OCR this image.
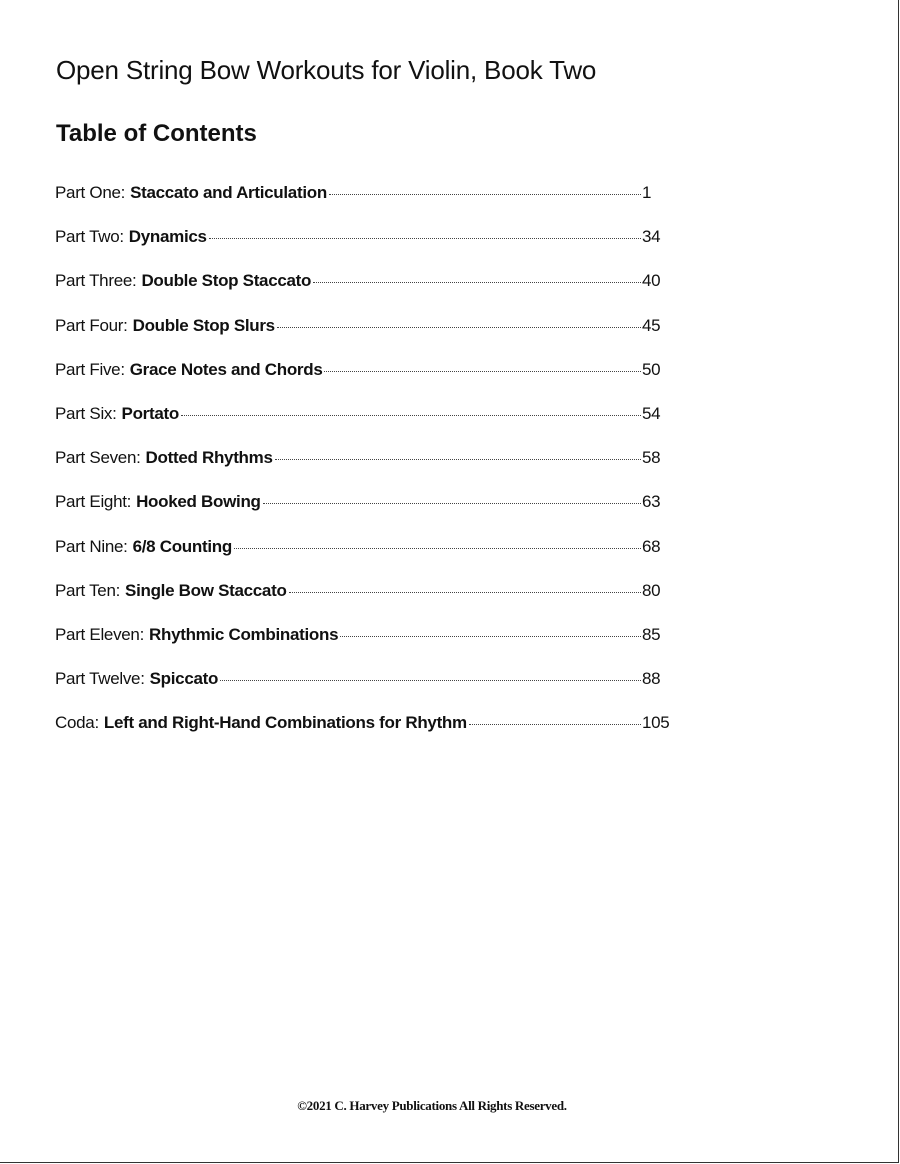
Open String Bow Workouts for Violin, Book Two
Table of Contents
Part One: Staccato and Articulation	1
Part Two: Dynamics	34
Part Three: Double Stop Staccato	40
Part Four: Double Stop Slurs	45
Part Five: Grace Notes and Chords	50
Part Six: Portato	54
Part Seven: Dotted Rhythms	58
Part Eight: Hooked Bowing	63
Part Nine: 6/8 Counting	68
Part Ten: Single Bow Staccato	80
Part Eleven: Rhythmic Combinations	85
Part Twelve: Spiccato	88
Coda: Left and Right-Hand Combinations for Rhythm	105

©2021 C. Harvey Publications All Rights Reserved.
